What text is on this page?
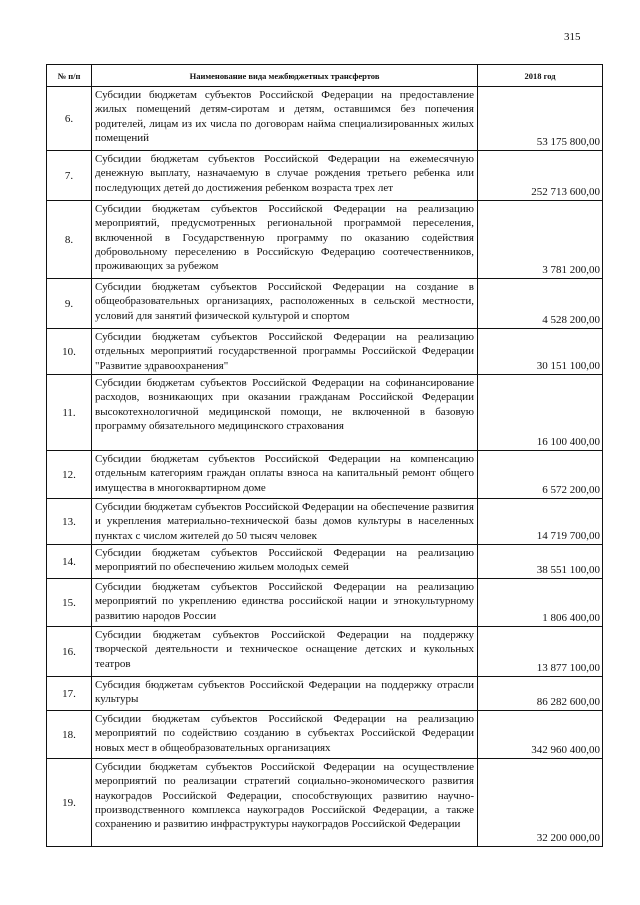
315
№ п/п	Наименование вида межбюджетных трансфертов	2018 год
6.	Субсидии бюджетам субъектов Российской Федерации на предоставление жилых помещений детям-сиротам и детям, оставшимся без попечения родителей, лицам из их числа по договорам найма специализированных жилых помещений	53 175 800,00
7.	Субсидии бюджетам субъектов Российской Федерации на ежемесячную денежную выплату, назначаемую в случае рождения третьего ребенка или последующих детей до достижения ребенком возраста трех лет	252 713 600,00
8.	Субсидии бюджетам субъектов Российской Федерации на реализацию мероприятий, предусмотренных региональной программой переселения, включенной в Государственную программу по оказанию содействия добровольному переселению в Российскую Федерацию соотечественников, проживающих за рубежом	3 781 200,00
9.	Субсидии бюджетам субъектов Российской Федерации на создание в общеобразовательных организациях, расположенных в сельской местности, условий для занятий физической культурой и спортом	4 528 200,00
10.	Субсидии бюджетам субъектов Российской Федерации на реализацию отдельных мероприятий государственной программы Российской Федерации "Развитие здравоохранения"	30 151 100,00
11.	Субсидии бюджетам субъектов Российской Федерации на софинансирование расходов, возникающих при оказании гражданам Российской Федерации высокотехнологичной медицинской помощи, не включенной в базовую программу обязательного медицинского страхования	16 100 400,00
12.	Субсидии бюджетам субъектов Российской Федерации на компенсацию отдельным категориям граждан оплаты взноса на капитальный ремонт общего имущества в многоквартирном доме	6 572 200,00
13.	Субсидии бюджетам субъектов Российской Федерации на обеспечение развития и укрепления материально-технической базы домов культуры в населенных пунктах с числом жителей до 50 тысяч человек	14 719 700,00
14.	Субсидии бюджетам субъектов Российской Федерации на реализацию мероприятий по обеспечению жильем молодых семей	38 551 100,00
15.	Субсидии бюджетам субъектов Российской Федерации на реализацию мероприятий по укреплению единства российской нации и этнокультурному развитию народов России	1 806 400,00
16.	Субсидии бюджетам субъектов Российской Федерации на поддержку творческой деятельности и техническое оснащение детских и кукольных театров	13 877 100,00
17.	Субсидия бюджетам субъектов Российской Федерации на поддержку отрасли культуры	86 282 600,00
18.	Субсидии бюджетам субъектов Российской Федерации на реализацию мероприятий по содействию созданию в субъектах Российской Федерации новых мест в общеобразовательных организациях	342 960 400,00
19.	Субсидии бюджетам субъектов Российской Федерации на осуществление мероприятий по реализации стратегий социально-экономического развития наукоградов Российской Федерации, способствующих развитию научно-производственного комплекса наукоградов Российской Федерации, а также сохранению и развитию инфраструктуры наукоградов Российской Федерации	32 200 000,00
